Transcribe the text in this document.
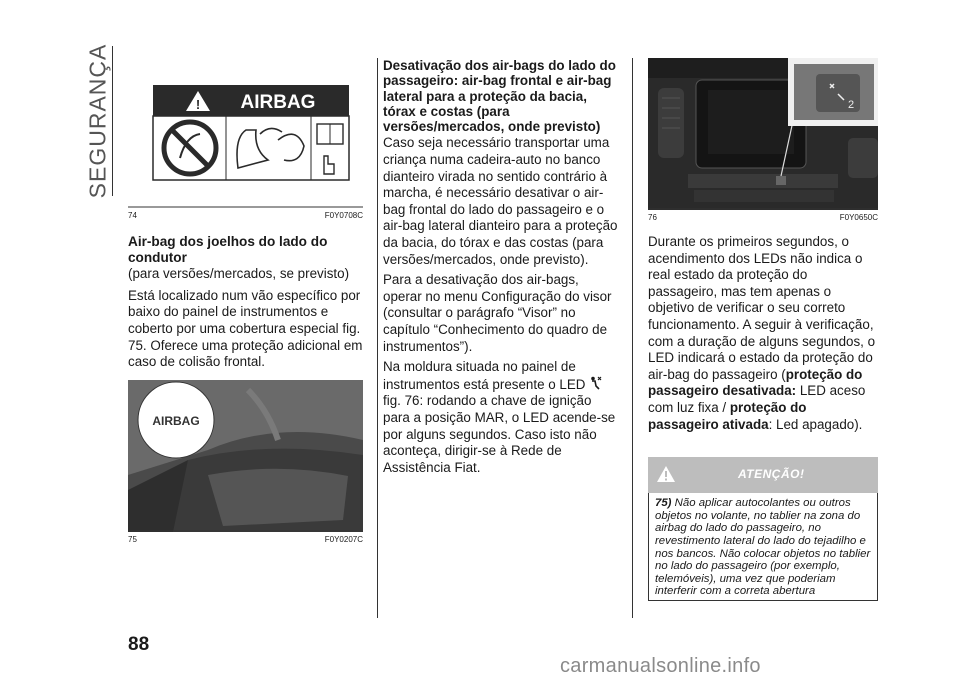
SEGURANÇA	! AIRBAG
74	F0Y0708C

Air-bag dos joelhos do lado do condutor

(para versões/mercados, se previsto)

Está localizado num vão específico por baixo do painel de instrumentos e coberto por uma cobertura especial fig. 75. Oferece uma proteção adicional em caso de colisão frontal.

AIRBAG
75	F0Y0207C

Desativação dos air-bags do lado do passageiro: air-bag frontal e air-bag lateral para a proteção da bacia, tórax e costas (para versões/mercados, onde previsto)

Caso seja necessário transportar uma criança numa cadeira-auto no banco dianteiro virada no sentido contrário à marcha, é necessário desativar o air-bag frontal do lado do passageiro e o air-bag lateral dianteiro para a proteção da bacia, do tórax e das costas (para versões/mercados, onde previsto).

Para a desativação dos air-bags, operar no menu Configuração do visor (consultar o parágrafo “Visor” no capítulo “Conhecimento do quadro de instrumentos”).

Na moldura situada no painel de instrumentos está presente o LED  fig. 76: rodando a chave de ignição para a posição MAR, o LED acende-se por alguns segundos. Caso isto não aconteça, dirigir-se à Rede de Assistência Fiat.

2
76	F0Y0650C

Durante os primeiros segundos, o acendimento dos LEDs não indica o real estado da proteção do passageiro, mas tem apenas o objetivo de verificar o seu correto funcionamento. A seguir à verificação, com a duração de alguns segundos, o LED indicará o estado da proteção do air-bag do passageiro (proteção do passageiro desativada: LED aceso com luz fixa / proteção do passageiro ativada: Led apagado).

ATENÇÃO!

75) Não aplicar autocolantes ou outros objetos no volante, no tablier na zona do airbag do lado do passageiro, no revestimento lateral do lado do tejadilho e nos bancos. Não colocar objetos no tablier no lado do passageiro (por exemplo, telemóveis), uma vez que poderiam interferir com a correta abertura

88
carmanualsonline.info
